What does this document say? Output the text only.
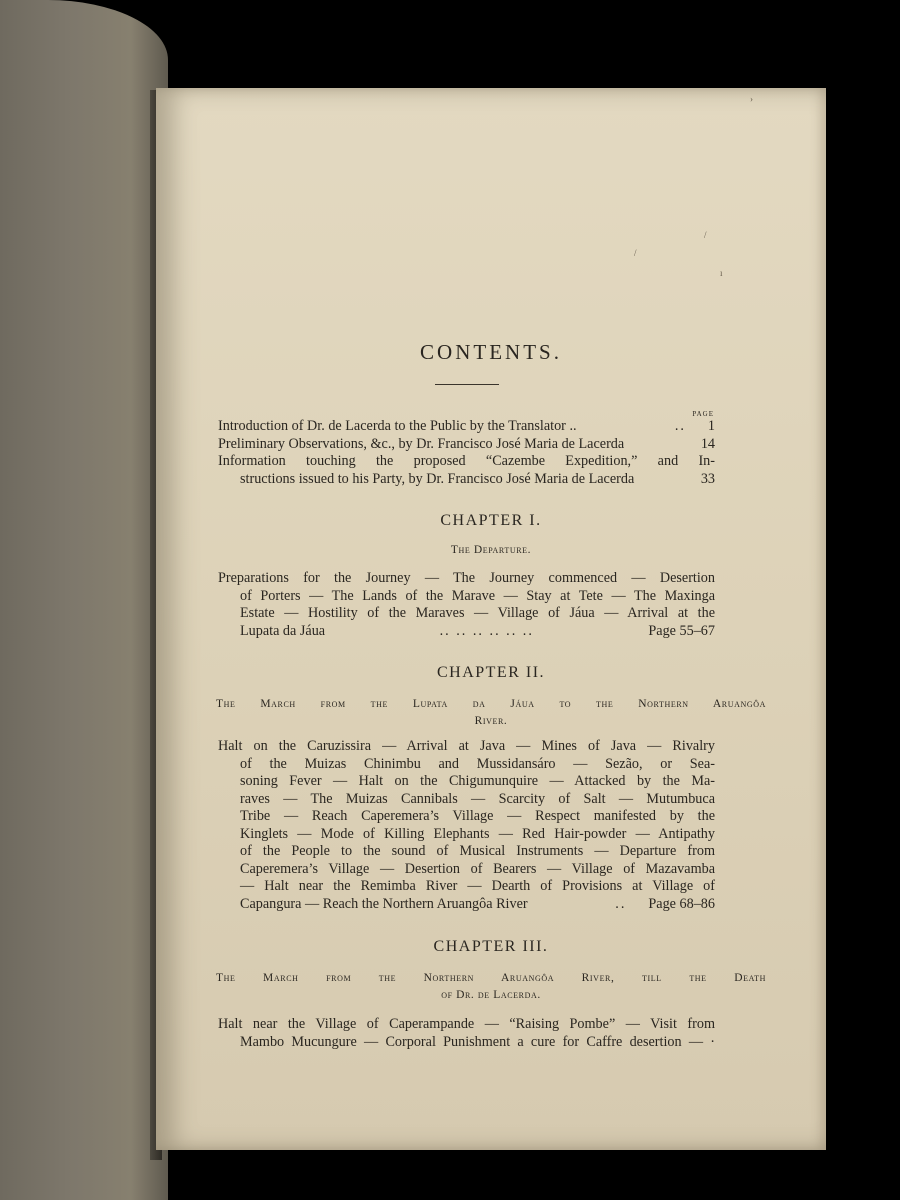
›
/
/
ı
CONTENTS.
PAGE
Introduction of Dr. de Lacerda to the Public by the Translator ..	.. 1
Preliminary Observations, &c., by Dr. Francisco José Maria de Lacerda	14
Information touching the proposed “Cazembe Expedition,” and In-
structions issued to his Party, by Dr. Francisco José Maria de Lacerda	33
CHAPTER I.
The Departure.
Preparations for the Journey — The Journey commenced — Desertion
of Porters — The Lands of the Marave — Stay at Tete — The Maxinga
Estate — Hostility of the Maraves — Village of Jáua — Arrival at the
Lupata da Jáua	.. .. .. .. .. ..	Page 55–67
CHAPTER II.
The March from the Lupata da Jáua to the Northern Aruangôa
River.
Halt on the Caruzissira — Arrival at Java — Mines of Java — Rivalry
of the Muizas Chinimbu and Mussidansáro — Sezão, or Sea-
soning Fever — Halt on the Chigumunquire — Attacked by the Ma-
raves — The Muizas Cannibals — Scarcity of Salt — Mutumbuca
Tribe — Reach Caperemera’s Village — Respect manifested by the
Kinglets — Mode of Killing Elephants — Red Hair-powder — Antipathy
of the People to the sound of Musical Instruments — Departure from
Caperemera’s Village — Desertion of Bearers — Village of Mazavamba
— Halt near the Remimba River — Dearth of Provisions at Village of
Capangura — Reach the Northern Aruangôa River	.. Page 68–86
CHAPTER III.
The March from the Northern Aruangôa River, till the Death
of Dr. de Lacerda.
Halt near the Village of Caperampande — “Raising Pombe” — Visit from
Mambo Mucungure — Corporal Punishment a cure for Caffre desertion — ·
